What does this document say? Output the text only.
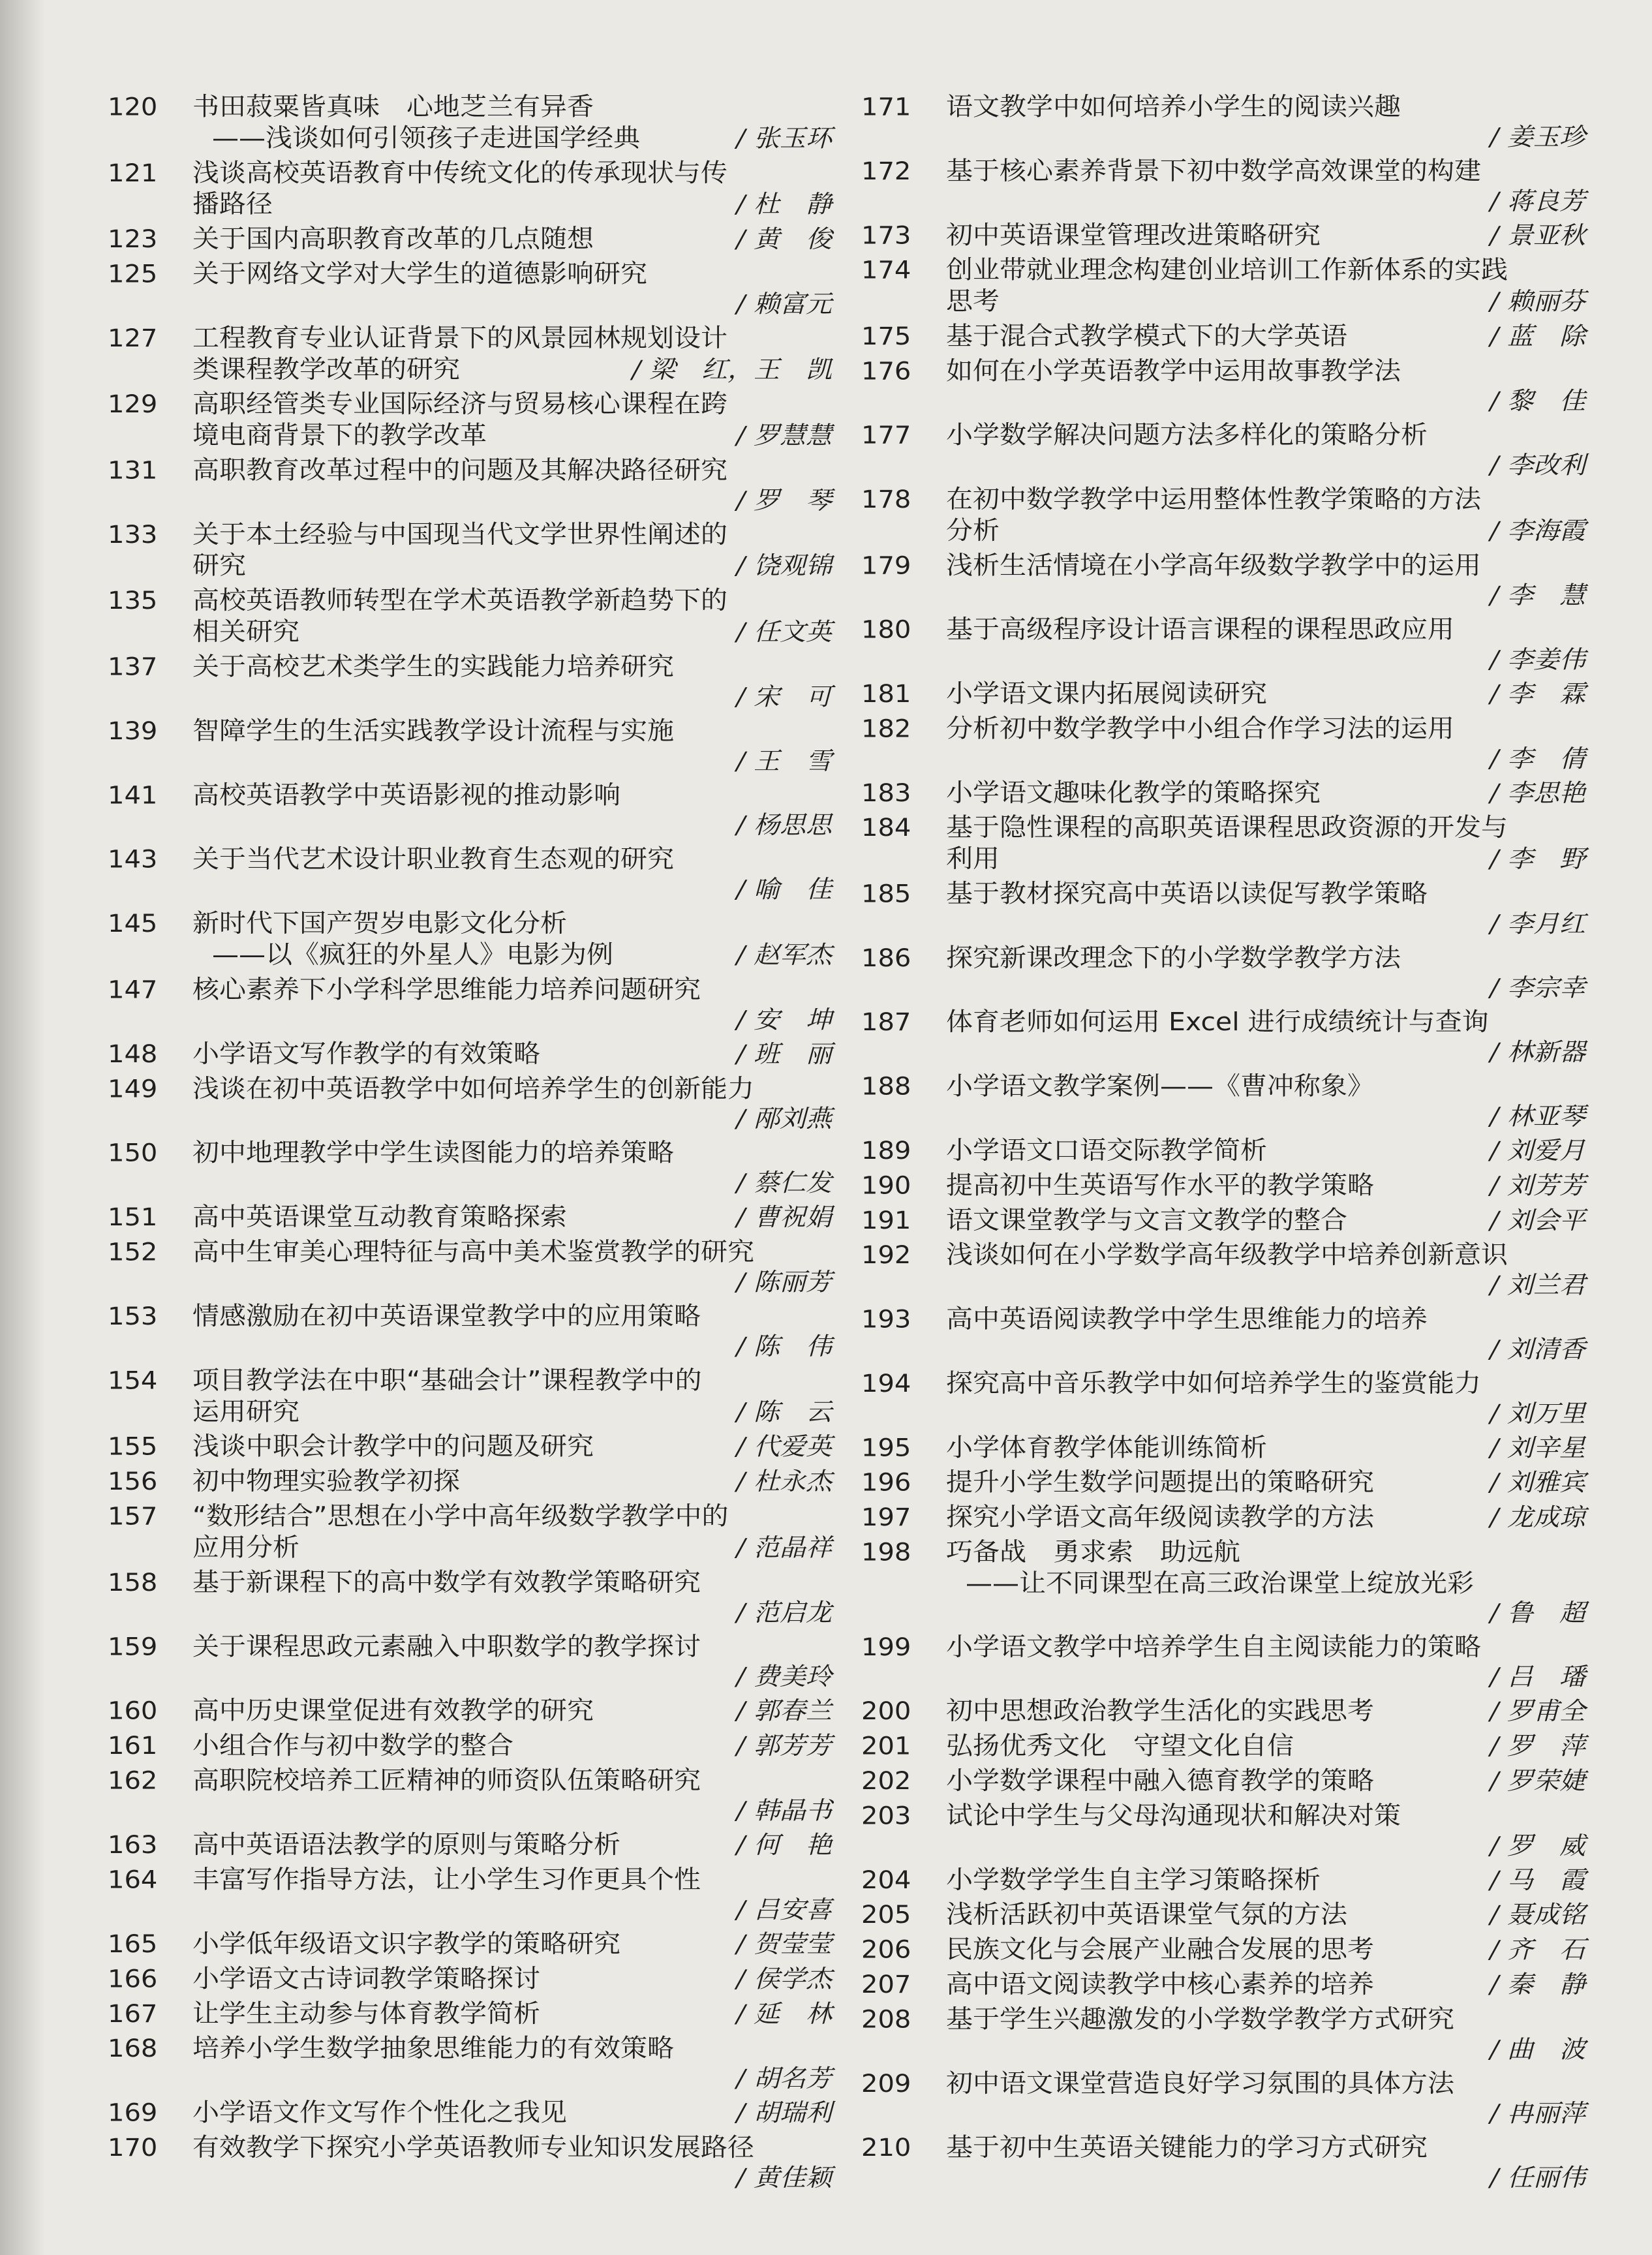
120	书田菽粟皆真味　心地芝兰有异香
——浅谈如何引领孩子走进国学经典	/ 张玉环
121	浅谈高校英语教育中传统文化的传承现状与传
播路径	/ 杜　静
123	关于国内高职教育改革的几点随想	/ 黄　俊
125	关于网络文学对大学生的道德影响研究
/ 赖富元
127	工程教育专业认证背景下的风景园林规划设计
类课程教学改革的研究	/ 梁　红，王　凯
129	高职经管类专业国际经济与贸易核心课程在跨
境电商背景下的教学改革	/ 罗慧慧
131	高职教育改革过程中的问题及其解决路径研究
/ 罗　琴
133	关于本土经验与中国现当代文学世界性阐述的
研究	/ 饶观锦
135	高校英语教师转型在学术英语教学新趋势下的
相关研究	/ 任文英
137	关于高校艺术类学生的实践能力培养研究
/ 宋　可
139	智障学生的生活实践教学设计流程与实施
/ 王　雪
141	高校英语教学中英语影视的推动影响
/ 杨思思
143	关于当代艺术设计职业教育生态观的研究
/ 喻　佳
145	新时代下国产贺岁电影文化分析
——以《疯狂的外星人》电影为例	/ 赵军杰
147	核心素养下小学科学思维能力培养问题研究
/ 安　坤
148	小学语文写作教学的有效策略	/ 班　丽
149	浅谈在初中英语教学中如何培养学生的创新能力
/ 邴刘燕
150	初中地理教学中学生读图能力的培养策略
/ 蔡仁发
151	高中英语课堂互动教育策略探索	/ 曹祝娟
152	高中生审美心理特征与高中美术鉴赏教学的研究
/ 陈丽芳
153	情感激励在初中英语课堂教学中的应用策略
/ 陈　伟
154	项目教学法在中职“基础会计”课程教学中的
运用研究	/ 陈　云
155	浅谈中职会计教学中的问题及研究	/ 代爱英
156	初中物理实验教学初探	/ 杜永杰
157	“数形结合”思想在小学中高年级数学教学中的
应用分析	/ 范晶祥
158	基于新课程下的高中数学有效教学策略研究
/ 范启龙
159	关于课程思政元素融入中职数学的教学探讨
/ 费美玲
160	高中历史课堂促进有效教学的研究	/ 郭春兰
161	小组合作与初中数学的整合	/ 郭芳芳
162	高职院校培养工匠精神的师资队伍策略研究
/ 韩晶书
163	高中英语语法教学的原则与策略分析	/ 何　艳
164	丰富写作指导方法，让小学生习作更具个性
/ 吕安喜
165	小学低年级语文识字教学的策略研究	/ 贺莹莹
166	小学语文古诗词教学策略探讨	/ 侯学杰
167	让学生主动参与体育教学简析	/ 延　林
168	培养小学生数学抽象思维能力的有效策略
/ 胡名芳
169	小学语文作文写作个性化之我见	/ 胡瑞利
170	有效教学下探究小学英语教师专业知识发展路径
/ 黄佳颖
171	语文教学中如何培养小学生的阅读兴趣
/ 姜玉珍
172	基于核心素养背景下初中数学高效课堂的构建
/ 蒋良芳
173	初中英语课堂管理改进策略研究	/ 景亚秋
174	创业带就业理念构建创业培训工作新体系的实践
思考	/ 赖丽芬
175	基于混合式教学模式下的大学英语	/ 蓝　除
176	如何在小学英语教学中运用故事教学法
/ 黎　佳
177	小学数学解决问题方法多样化的策略分析
/ 李改利
178	在初中数学教学中运用整体性教学策略的方法
分析	/ 李海霞
179	浅析生活情境在小学高年级数学教学中的运用
/ 李　慧
180	基于高级程序设计语言课程的课程思政应用
/ 李姜伟
181	小学语文课内拓展阅读研究	/ 李　霖
182	分析初中数学教学中小组合作学习法的运用
/ 李　倩
183	小学语文趣味化教学的策略探究	/ 李思艳
184	基于隐性课程的高职英语课程思政资源的开发与
利用	/ 李　野
185	基于教材探究高中英语以读促写教学策略
/ 李月红
186	探究新课改理念下的小学数学教学方法
/ 李宗幸
187	体育老师如何运用 Excel 进行成绩统计与查询
/ 林新器
188	小学语文教学案例——《曹冲称象》
/ 林亚琴
189	小学语文口语交际教学简析	/ 刘爱月
190	提高初中生英语写作水平的教学策略	/ 刘芳芳
191	语文课堂教学与文言文教学的整合	/ 刘会平
192	浅谈如何在小学数学高年级教学中培养创新意识
/ 刘兰君
193	高中英语阅读教学中学生思维能力的培养
/ 刘清香
194	探究高中音乐教学中如何培养学生的鉴赏能力
/ 刘万里
195	小学体育教学体能训练简析	/ 刘辛星
196	提升小学生数学问题提出的策略研究	/ 刘雅宾
197	探究小学语文高年级阅读教学的方法	/ 龙成琼
198	巧备战　勇求索　助远航
——让不同课型在高三政治课堂上绽放光彩
/ 鲁　超
199	小学语文教学中培养学生自主阅读能力的策略
/ 吕　璠
200	初中思想政治教学生活化的实践思考	/ 罗甫全
201	弘扬优秀文化　守望文化自信	/ 罗　萍
202	小学数学课程中融入德育教学的策略	/ 罗荣婕
203	试论中学生与父母沟通现状和解决对策
/ 罗　威
204	小学数学学生自主学习策略探析	/ 马　霞
205	浅析活跃初中英语课堂气氛的方法	/ 聂成铭
206	民族文化与会展产业融合发展的思考	/ 齐　石
207	高中语文阅读教学中核心素养的培养	/ 秦　静
208	基于学生兴趣激发的小学数学教学方式研究
/ 曲　波
209	初中语文课堂营造良好学习氛围的具体方法
/ 冉丽萍
210	基于初中生英语关键能力的学习方式研究
/ 任丽伟
